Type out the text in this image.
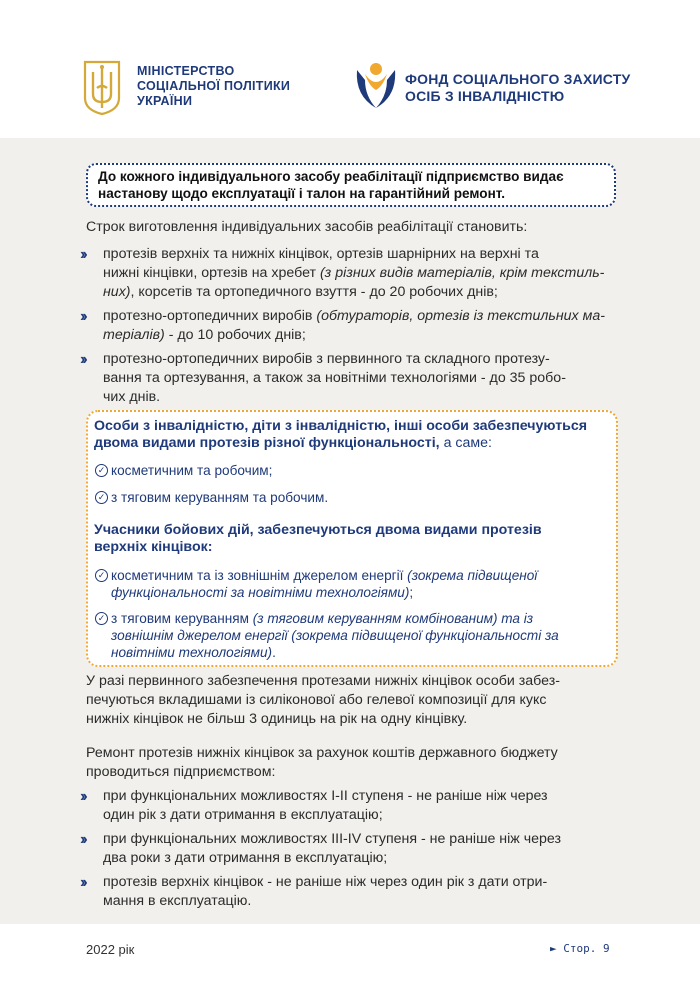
МІНІСТЕРСТВО
СОЦІАЛЬНОЇ ПОЛІТИКИ
УКРАЇНИ
ФОНД СОЦІАЛЬНОГО ЗАХИСТУ
ОСІБ З ІНВАЛІДНІСТЮ
До кожного індивідуального засобу реабілітації підприємство видає
настанову щодо експлуатації і талон на гарантійний ремонт.
Строк виготовлення індивідуальних засобів реабілітації становить:
›› протезів верхніх та нижніх кінцівок, ортезів шарнірних на верхні та
нижні кінцівки, ортезів на хребет (з різних видів матеріалів, крім текстиль-
них), корсетів та ортопедичного взуття - до 20 робочих днів;
›› протезно-ортопедичних виробів (обтураторів, ортезів із текстильних ма-
теріалів) - до 10 робочих днів;
›› протезно-ортопедичних виробів з первинного та складного протезу-
вання та ортезування, а також за новітніми технологіями - до 35 робо-
чих днів.
Особи з інвалідністю, діти з інвалідністю, інші особи забезпечуються
двома видами протезів різної функціональності, а саме:
✓ косметичним та робочим;
✓ з тяговим керуванням та робочим.
Учасники бойових дій, забезпечуються двома видами протезів
верхніх кінцівок:
✓ косметичним та із зовнішнім джерелом енергії (зокрема підвищеної
функціональності за новітніми технологіями);
✓ з тяговим керуванням (з тяговим керуванням комбінованим) та із
зовнішнім джерелом енергії (зокрема підвищеної функціональності за
новітніми технологіями).
У разі первинного забезпечення протезами нижніх кінцівок особи забез-
печуються вкладишами із силіконової або гелевої композиції для кукс
нижніх кінцівок не більш 3 одиниць на рік на одну кінцівку.
Ремонт протезів нижніх кінцівок за рахунок коштів державного бюджету
проводиться підприємством:
›› при функціональних можливостях I-II ступеня - не раніше ніж через
один рік з дати отримання в експлуатацію;
›› при функціональних можливостях III-IV ступеня - не раніше ніж через
два роки з дати отримання в експлуатацію;
›› протезів верхніх кінцівок - не раніше ніж через один рік з дати отри-
мання в експлуатацію.
2022 рік	► Стор. 9
